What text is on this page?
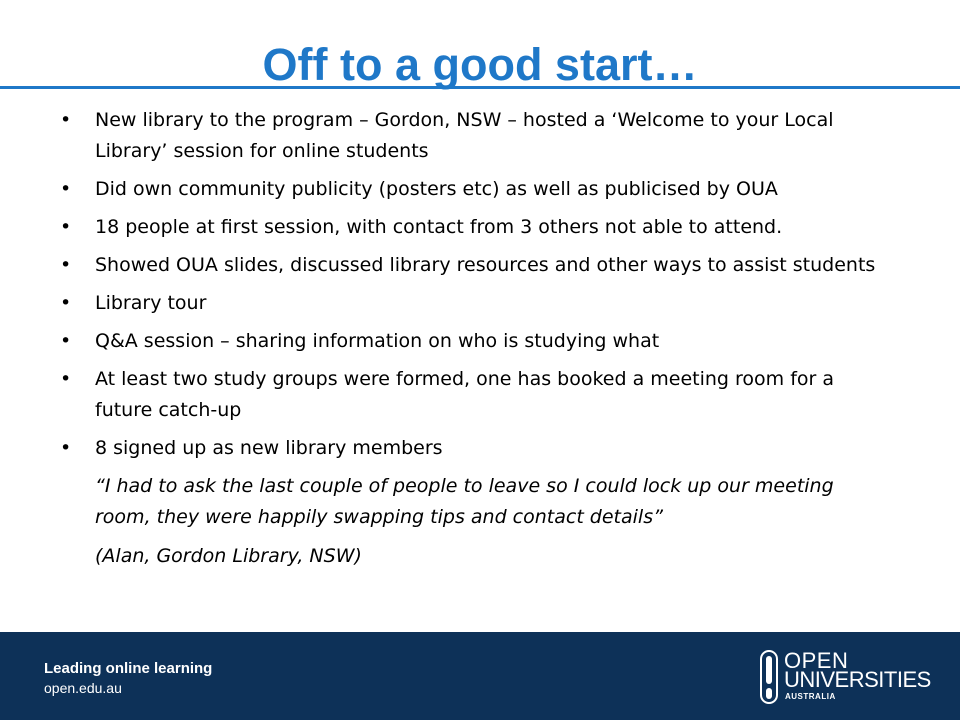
Off to a good start…
• New library to the program – Gordon, NSW – hosted a ‘Welcome to your Local Library’ session for online students
• Did own community publicity (posters etc) as well as publicised by OUA
• 18 people at first session, with contact from 3 others not able to attend.
• Showed OUA slides, discussed library resources and other ways to assist students
• Library tour
• Q&A session – sharing information on who is studying what
• At least two study groups were formed, one has booked a meeting room for a future catch-up
• 8 signed up as new library members

“I had to ask the last couple of people to leave so I could lock up our meeting room, they were happily swapping tips and contact details”

(Alan, Gordon Library, NSW)

Leading online learning
open.edu.au
OPEN
UNIVERSITIES
AUSTRALIA
